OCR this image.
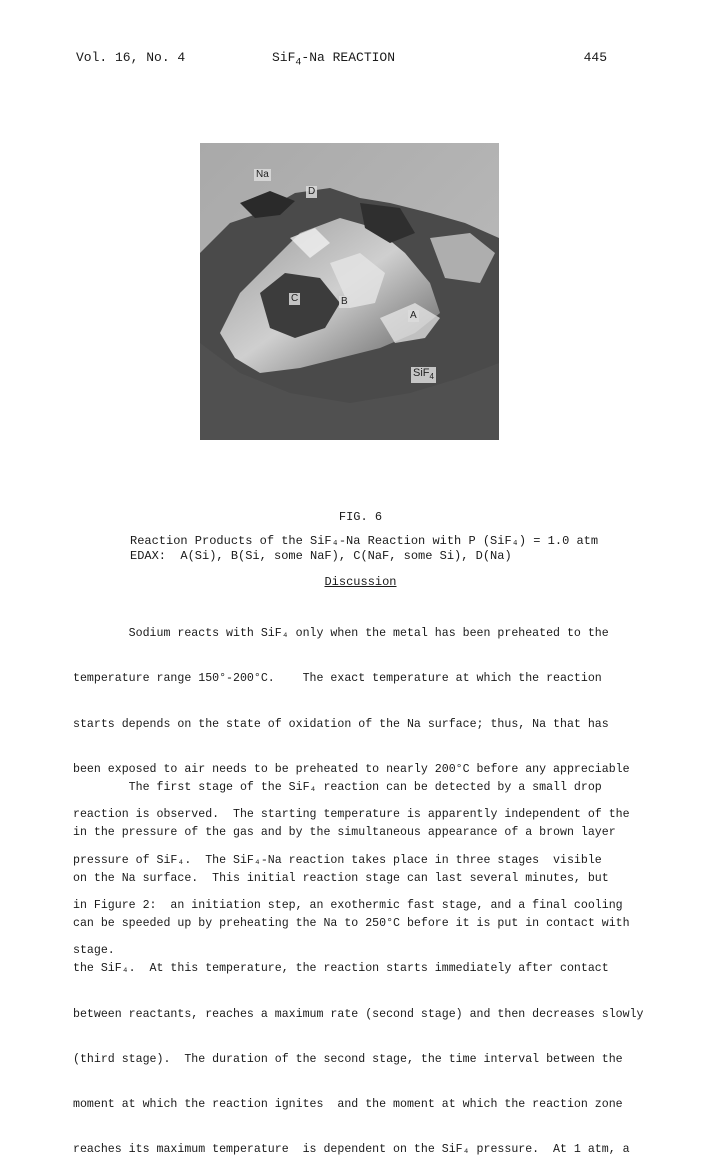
Vol. 16, No. 4	SiF$_4$-Na REACTION	445
Na
D
C	B
A
SiF$_4$
FIG. 6
Reaction Products of the SiF₄-Na Reaction with P (SiF₄) = 1.0 atm
EDAX:  A(Si), B(Si, some NaF), C(NaF, some Si), D(Na)
Discussion

Sodium reacts with SiF₄ only when the metal has been preheated to the

temperature range 150°-200°C.    The exact temperature at which the reaction

starts depends on the state of oxidation of the Na surface; thus, Na that has

been exposed to air needs to be preheated to nearly 200°C before any appreciable

reaction is observed.  The starting temperature is apparently independent of the

pressure of SiF₄.  The SiF₄-Na reaction takes place in three stages  visible

in Figure 2:  an initiation step, an exothermic fast stage, and a final cooling

stage.

The first stage of the SiF₄ reaction can be detected by a small drop

in the pressure of the gas and by the simultaneous appearance of a brown layer

on the Na surface.  This initial reaction stage can last several minutes, but

can be speeded up by preheating the Na to 250°C before it is put in contact with

the SiF₄.  At this temperature, the reaction starts immediately after contact

between reactants, reaches a maximum rate (second stage) and then decreases slowly

(third stage).  The duration of the second stage, the time interval between the

moment at which the reaction ignites  and the moment at which the reaction zone

reaches its maximum temperature  is dependent on the SiF₄ pressure.  At 1 atm, a
